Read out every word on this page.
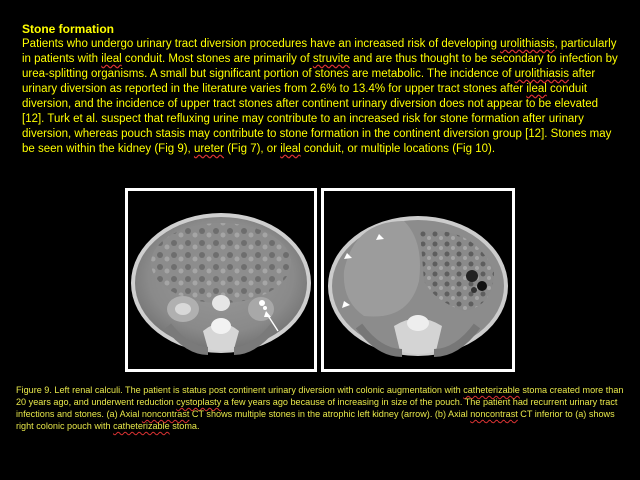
Stone formation
Patients who undergo urinary tract diversion procedures have an increased risk of developing urolithiasis, particularly in patients with ileal conduit. Most stones are primarily of struvite and are thus thought to be secondary to infection by urea-splitting organisms. A small but significant portion of stones are metabolic. The incidence of urolithiasis after urinary diversion as reported in the literature varies from 2.6% to 13.4% for upper tract stones after ileal conduit diversion, and the incidence of upper tract stones after continent urinary diversion does not appear to be elevated [12]. Turk et al. suspect that refluxing urine may contribute to an increased risk for stone formation after urinary diversion, whereas pouch stasis may contribute to stone formation in the continent diversion group [12]. Stones may be seen within the kidney (Fig 9), ureter (Fig 7), or ileal conduit, or multiple locations (Fig 10).
Figure 9. Left renal calculi. The patient is status post continent urinary diversion with colonic augmentation with catheterizable stoma created more than 20 years ago, and underwent reduction cystoplasty a few years ago because of increasing in size of the pouch. The patient had recurrent urinary tract infections and stones. (a) Axial noncontrast CT shows multiple stones in the atrophic left kidney (arrow). (b) Axial noncontrast CT inferior to (a) shows right colonic pouch with catheterizable stoma.
